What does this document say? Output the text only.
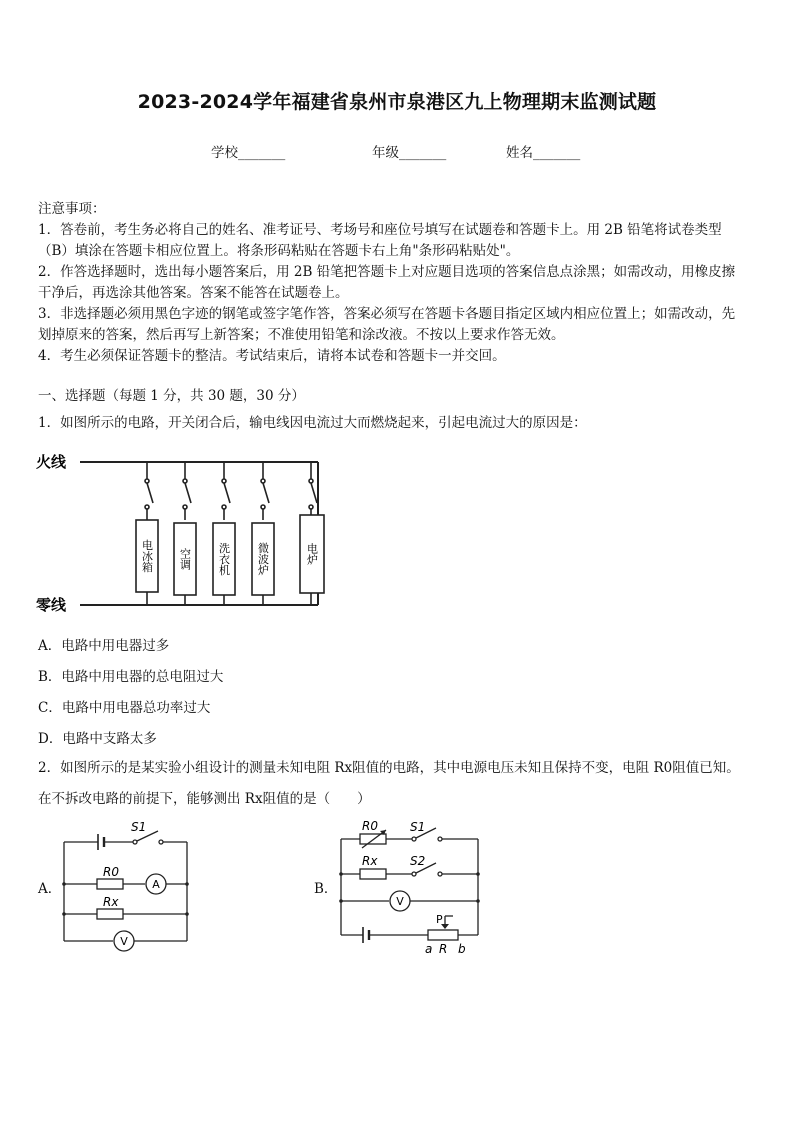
2023-2024学年福建省泉州市泉港区九上物理期末监测试题
学校_______	年级_______	姓名_______
注意事项：
1．答卷前，考生务必将自己的姓名、准考证号、考场号和座位号填写在试题卷和答题卡上。用 2B 铅笔将试卷类型
（B）填涂在答题卡相应位置上。将条形码粘贴在答题卡右上角"条形码粘贴处"。
2．作答选择题时，选出每小题答案后，用 2B 铅笔把答题卡上对应题目选项的答案信息点涂黑；如需改动，用橡皮擦
干净后，再选涂其他答案。答案不能答在试题卷上。
3．非选择题必须用黑色字迹的钢笔或签字笔作答，答案必须写在答题卡各题目指定区域内相应位置上；如需改动，先
划掉原来的答案，然后再写上新答案；不准使用铅笔和涂改液。不按以上要求作答无效。
4．考生必须保证答题卡的整洁。考试结束后，请将本试卷和答题卡一并交回。
一、选择题（每题 1 分，共 30 题，30 分）
1．如图所示的电路，开关闭合后，输电线因电流过大而燃烧起来，引起电流过大的原因是：
火线
零线
电冰箱 空调 洗衣机 微波炉	电炉
A．电路中用电器过多
B．电路中用电器的总电阻过大
C．电路中用电器总功率过大
D．电路中支路太多
2．如图所示的是某实验小组设计的测量未知电阻 Rx阻值的电路，其中电源电压未知且保持不变，电阻 R0阻值已知。
在不拆改电路的前提下，能够测出 Rx阻值的是（　　）
A．
S1
R0
Rx
A
V
B．
R0
Rx
S1
S2
V
P
a R b
